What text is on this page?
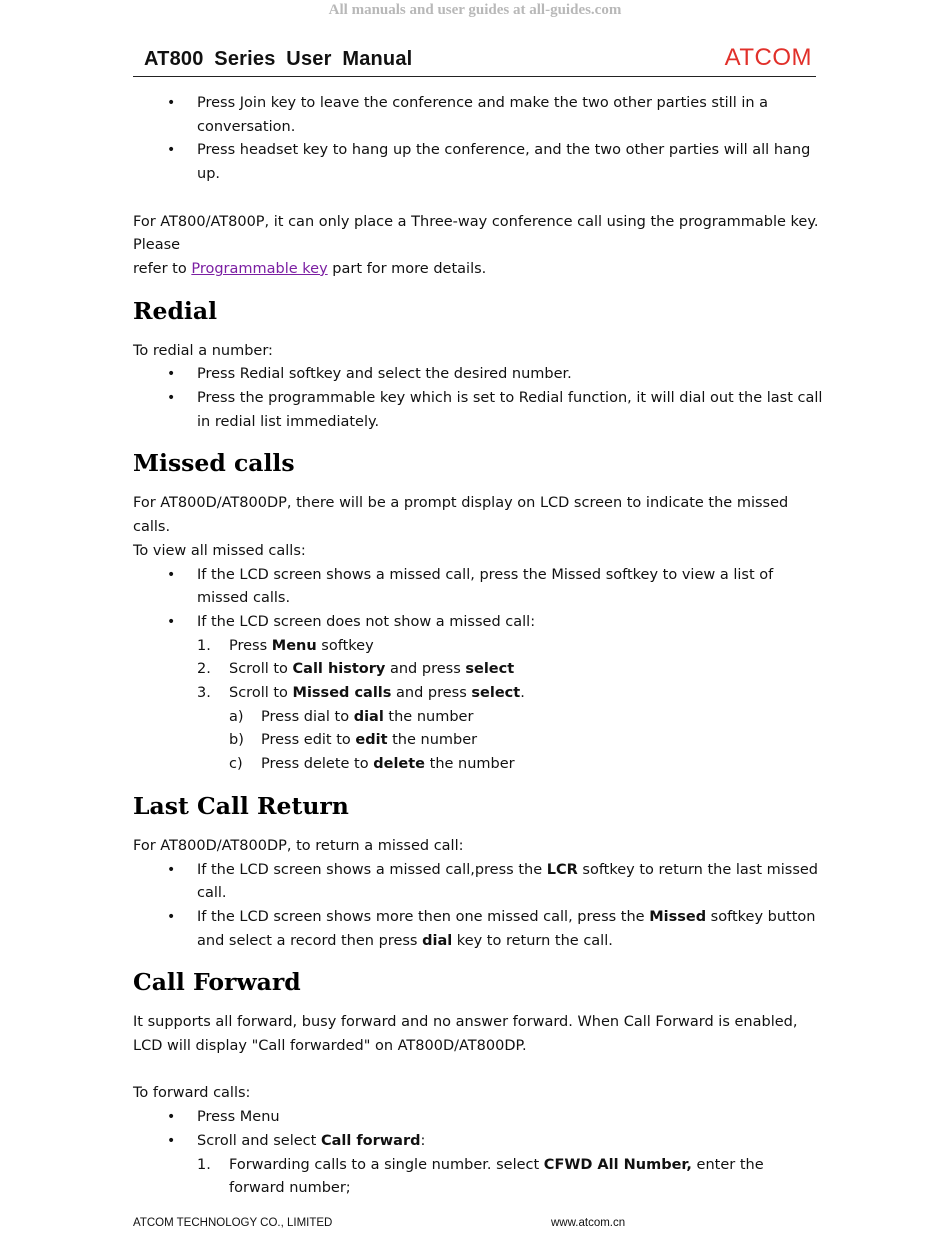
All manuals and user guides at all-guides.com
AT800 Series User Manual	ATCOM
• Press Join key to leave the conference and make the two other parties still in a conversation.
• Press headset key to hang up the conference, and the two other parties will all hang up.

For AT800/AT800P, it can only place a Three-way conference call using the programmable key. Please
refer to Programmable key part for more details.

Redial

To redial a number:

• Press Redial softkey and select the desired number.
• Press the programmable key which is set to Redial function, it will dial out the last call in redial list immediately.
Missed calls

For AT800D/AT800DP, there will be a prompt display on LCD screen to indicate the missed calls.

To view all missed calls:

• If the LCD screen shows a missed call, press the Missed softkey to view a list of missed calls.
• If the LCD screen does not show a missed call:
1. Press Menu softkey
2. Scroll to Call history and press select
3. Scroll to Missed calls and press select.
a) Press dial to dial the number
b) Press edit to edit the number
c) Press delete to delete the number
Last Call Return

For AT800D/AT800DP, to return a missed call:

• If the LCD screen shows a missed call,press the LCR softkey to return the last missed call.
• If the LCD screen shows more then one missed call, press the Missed softkey button and select a record then press dial key to return the call.
Call Forward

It supports all forward, busy forward and no answer forward. When Call Forward is enabled, LCD will display "Call forwarded" on AT800D/AT800DP.

To forward calls:

• Press Menu
• Scroll and select Call forward:
1. Forwarding calls to a single number. select CFWD All Number, enter the forward number;
ATCOM TECHNOLOGY CO., LIMITED	www.atcom.cn
